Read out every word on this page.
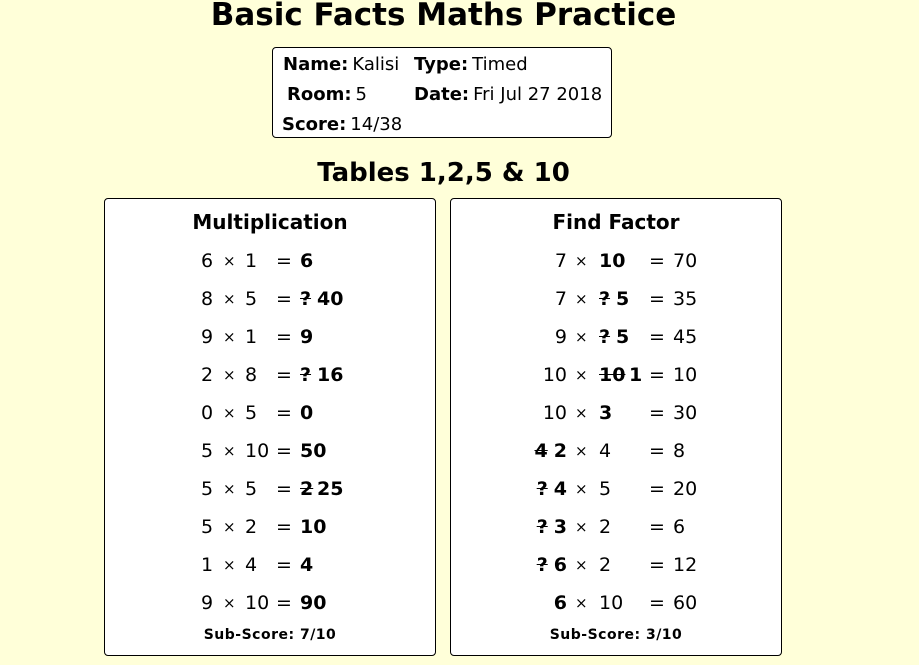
Basic Facts Maths Practice
Name: Kalisi Type: Timed
Room: 5	Date: Fri Jul 27 2018
Score: 14/38
Tables 1,2,5 & 10
Multiplication
Sub-Score: 7/10
6 × 1 = 6
8 × 5 = ? 40
9 × 1 = 9
2 × 8 = ? 16
0 × 5 = 0
5 × 10 = 50
5 × 5 = 2 25
5 × 2 = 10
1 × 4 = 4
9 × 10 = 90
Find Factor
Sub-Score: 3/10
7 × 10 = 70
7 × ? 5 = 35
9 × ? 5 = 45
10 × 10 1 = 10
10 × 3 = 30
4 2 × 4 = 8
? 4 × 5 = 20
? 3 × 2 = 6
? 6 × 2 = 12
6 × 10 = 60
